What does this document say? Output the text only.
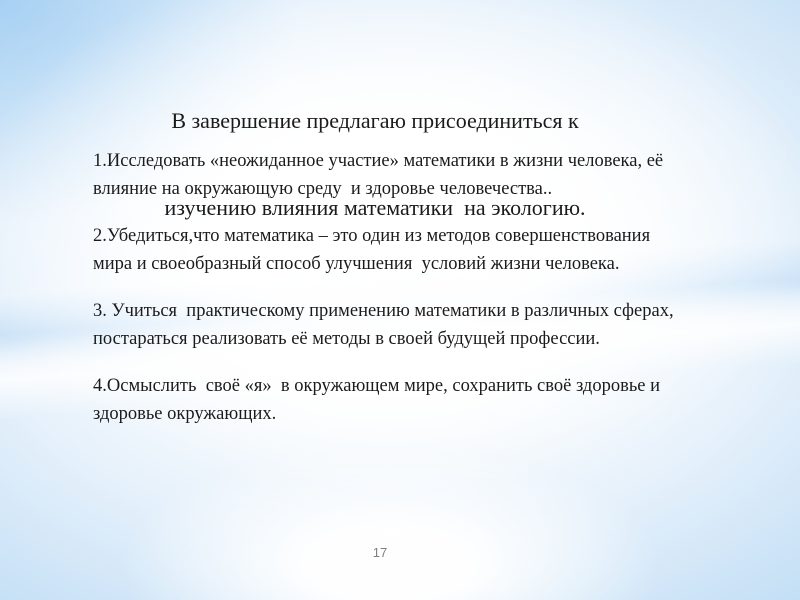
В завершение предлагаю присоединиться к

изучению влияния математики  на экологию.

1.Исследовать «неожиданное участие» математики в жизни человека, её
влияние на окружающую среду  и здоровье человечества..
2.Убедиться,что математика – это один из методов совершенствования
мира и своеобразный способ улучшения  условий жизни человека.
3. Учиться  практическому применению математики в различных сферах,
постараться реализовать её методы в своей будущей профессии.
4.Осмыслить  своё «я»  в окружающем мире, сохранить своё здоровье и
здоровье окружающих.
17
